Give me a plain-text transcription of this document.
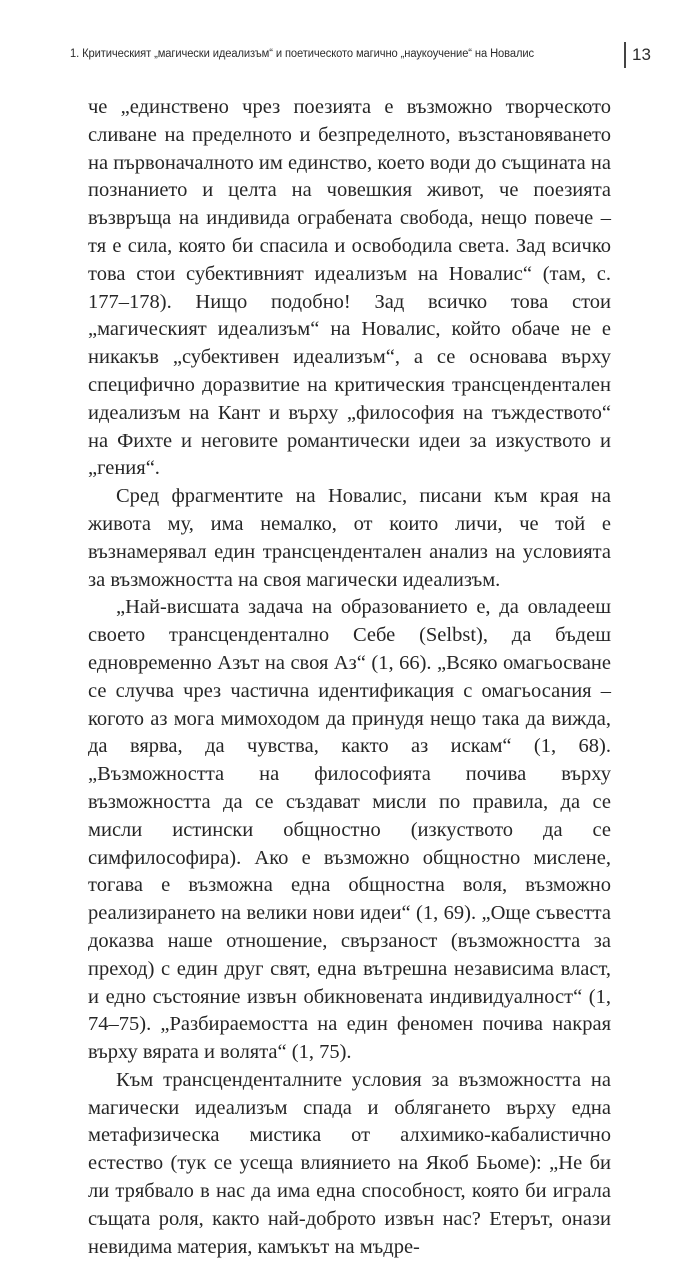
1. Критическият „магически идеализъм“ и поетическото магично „наукоучение“ на Новалис	13

че „единствено чрез поезията е възможно творческото сливане на пределното и безпределното, възстановяването на първоначалното им единство, което води до същината на познанието и целта на човешкия живот, че поезията възвръща на индивида ограбената свобода, нещо повече – тя е сила, която би спасила и освободила света. Зад всичко това стои субективният идеализъм на Новалис“ (там, с. 177–178). Нищо подобно! Зад всичко това стои „магическият идеализъм“ на Новалис, който обаче не е никакъв „субективен идеализъм“, а се основава върху специфично доразвитие на критическия трансцендентален идеализъм на Кант и върху „философия на тъждеството“ на Фихте и неговите романтически идеи за изкуството и „гения“.

Сред фрагментите на Новалис, писани към края на живота му, има немалко, от които личи, че той е възнамерявал един трансцендентален анализ на условията за възможността на своя магически идеализъм.

„Най-висшата задача на образованието е, да овладееш своето трансцендентално Себе (Selbst), да бъдеш едновременно Азът на своя Аз“ (1, 66). „Всяко омагьосване се случва чрез частична идентификация с омагьосания – когото аз мога мимоходом да принудя нещо така да вижда, да вярва, да чувства, както аз искам“ (1, 68). „Възможността на философията почива върху възможността да се създават мисли по правила, да се мисли истински общностно (изкуството да се симфилософира). Ако е възможно общностно мислене, тогава е възможна една общностна воля, възможно реализирането на велики нови идеи“ (1, 69). „Още съвестта доказва наше отношение, свързаност (възможността за преход) с един друг свят, една вътрешна независима власт, и едно състояние извън обикновената индивидуалност“ (1, 74–75). „Разбираемостта на един феномен почива накрая върху вярата и волята“ (1, 75).

Към трансценденталните условия за възможността на магически идеализъм спада и облягането върху една метафизическа мистика от алхимико-кабалистично естество (тук се усеща влиянието на Якоб Бьоме): „Не би ли трябвало в нас да има една способност, която би играла същата роля, както най-доброто извън нас? Етерът, онази невидима материя, камъкът на мъдре-
